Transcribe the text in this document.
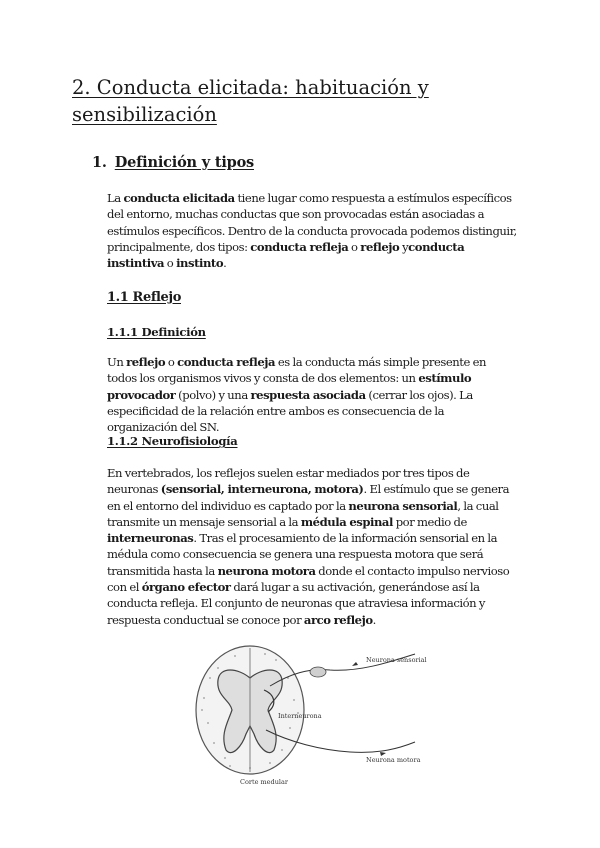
2. Conducta elicitada: habituación y sensibilización
1. Definición y tipos

La conducta elicitada tiene lugar como respuesta a estímulos específicos del entorno, muchas conductas que son provocadas están asociadas a estímulos específicos. Dentro de la conducta provocada podemos distinguir, principalmente, dos tipos: conducta refleja o reflejo yconducta instintiva o instinto.

1.1 Reflejo
1.1.1 Definición

Un reflejo o conducta refleja es la conducta más simple presente en todos los organismos vivos y consta de dos elementos: un estímulo provocador (polvo) y una respuesta asociada (cerrar los ojos). La especificidad de la relación entre ambos es consecuencia de la organización del SN.

1.1.2 Neurofisiología

En vertebrados, los reflejos suelen estar mediados por tres tipos de neuronas (sensorial, interneurona, motora). El estímulo que se genera en el entorno del individuo es captado por la neurona sensorial, la cual transmite un mensaje sensorial a la médula espinal por medio de interneuronas. Tras el procesamiento de la información sensorial en la médula como consecuencia se genera una respuesta motora que será transmitida hasta la neurona motora donde el contacto impulso nervioso con el órgano efector dará lugar a su activación, generándose así la conducta refleja. El conjunto de neuronas que atraviesa información y respuesta conductual se conoce por arco reflejo.

Neurona sensorial
Interneurona
Neurona motora
Corte medular
